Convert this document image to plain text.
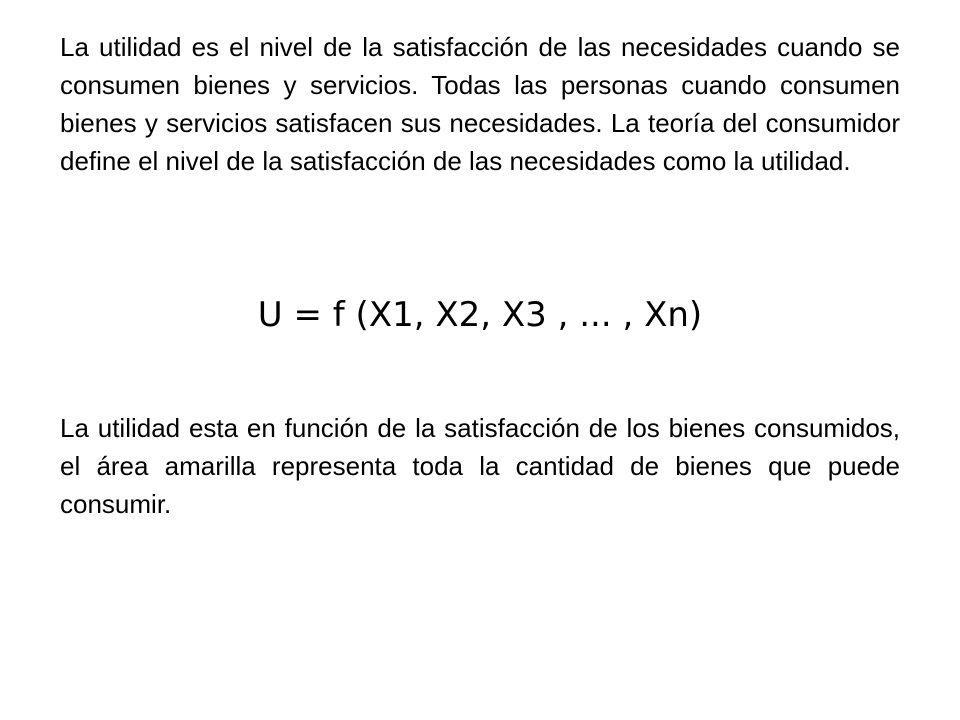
La utilidad es el nivel de la satisfacción de las necesidades cuando se consumen bienes y servicios. Todas las personas cuando consumen bienes y servicios satisfacen sus necesidades. La teoría del consumidor define el nivel de la satisfacción de las necesidades como la utilidad.

U = f (X1, X2, X3 , ... , Xn)

La utilidad esta en función de la satisfacción de los bienes consumidos, el área amarilla representa toda la cantidad de bienes que puede consumir.
